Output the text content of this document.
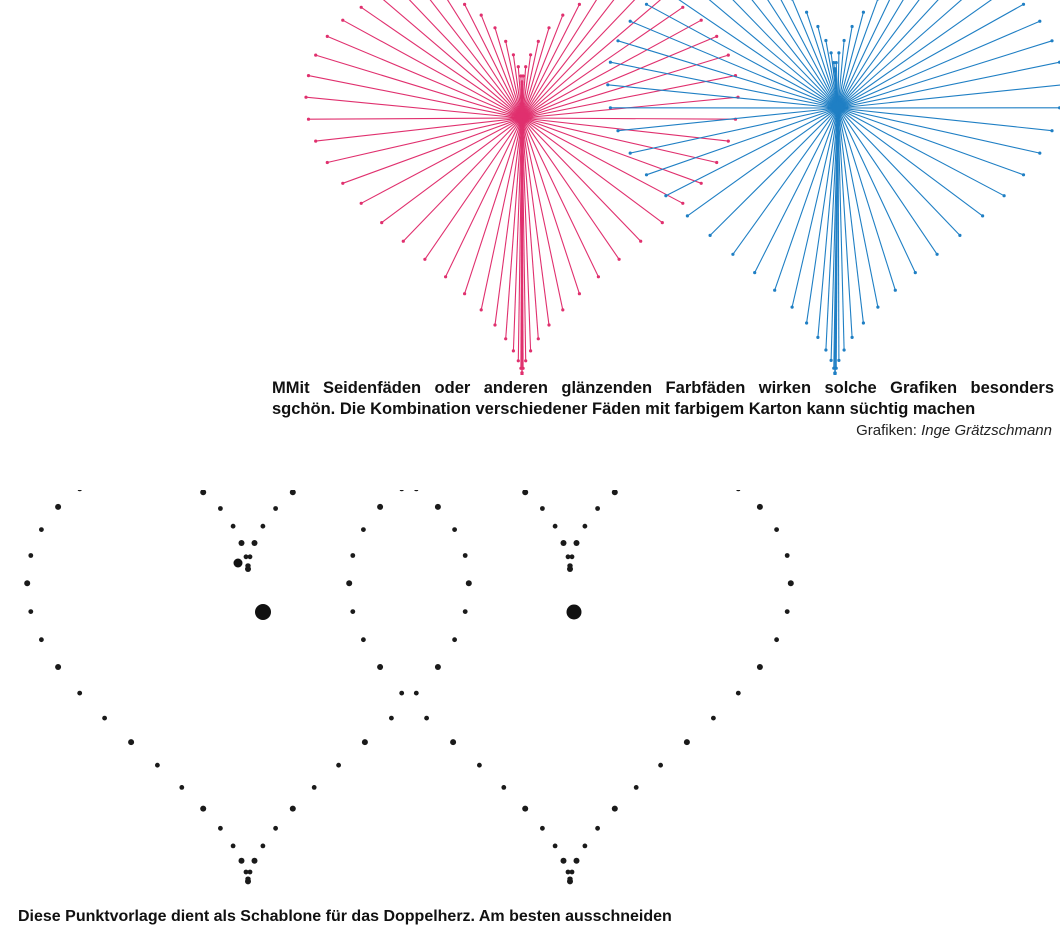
MMit Seidenfäden oder anderen glänzenden Farbfäden wirken solche Grafiken besonders
sgchön. Die Kombination verschiedener Fäden mit farbigem Karton kann süchtig machen
Grafiken: Inge Grätzschmann
Diese Punktvorlage dient als Schablone für das Doppelherz. Am besten ausschneiden
